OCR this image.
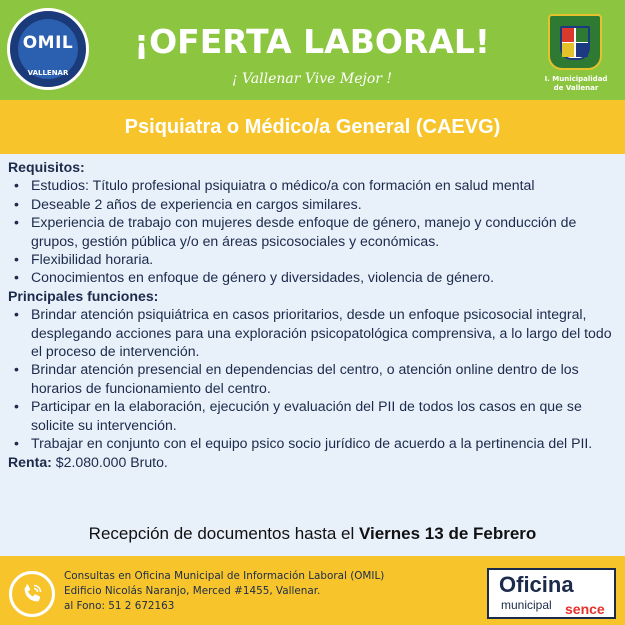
OMIL
VALLENAR
¡OFERTA LABORAL!
¡ Vallenar Vive Mejor !	I. Municipalidad
de Vallenar
Psiquiatra o Médico/a General (CAEVG)
Requisitos:
• Estudios: Título profesional psiquiatra o médico/a con formación en salud mental
• Deseable 2 años de experiencia en cargos similares.
• Experiencia de trabajo con mujeres desde enfoque de género, manejo y conducción de grupos, gestión pública y/o en áreas psicosociales y económicas.
• Flexibilidad horaria.
• Conocimientos en enfoque de género y diversidades, violencia de género.
Principales funciones:
• Brindar atención psiquiátrica en casos prioritarios, desde un enfoque psicosocial integral, desplegando acciones para una exploración psicopatológica comprensiva, a lo largo del todo el proceso de intervención.
• Brindar atención presencial en dependencias del centro, o atención online dentro de los horarios de funcionamiento del centro.
• Participar en la elaboración, ejecución y evaluación del PII de todos los casos en que se solicite su intervención.
• Trabajar en conjunto con el equipo psico socio jurídico de acuerdo a la pertinencia del PII.
Renta: $2.080.000 Bruto.
Recepción de documentos hasta el Viernes 13 de Febrero
Consultas en Oficina Municipal de Información Laboral (OMIL)
Edificio Nicolás Naranjo, Merced #1455, Vallenar.
al Fono: 51 2 672163
Oficina
municipal sence
